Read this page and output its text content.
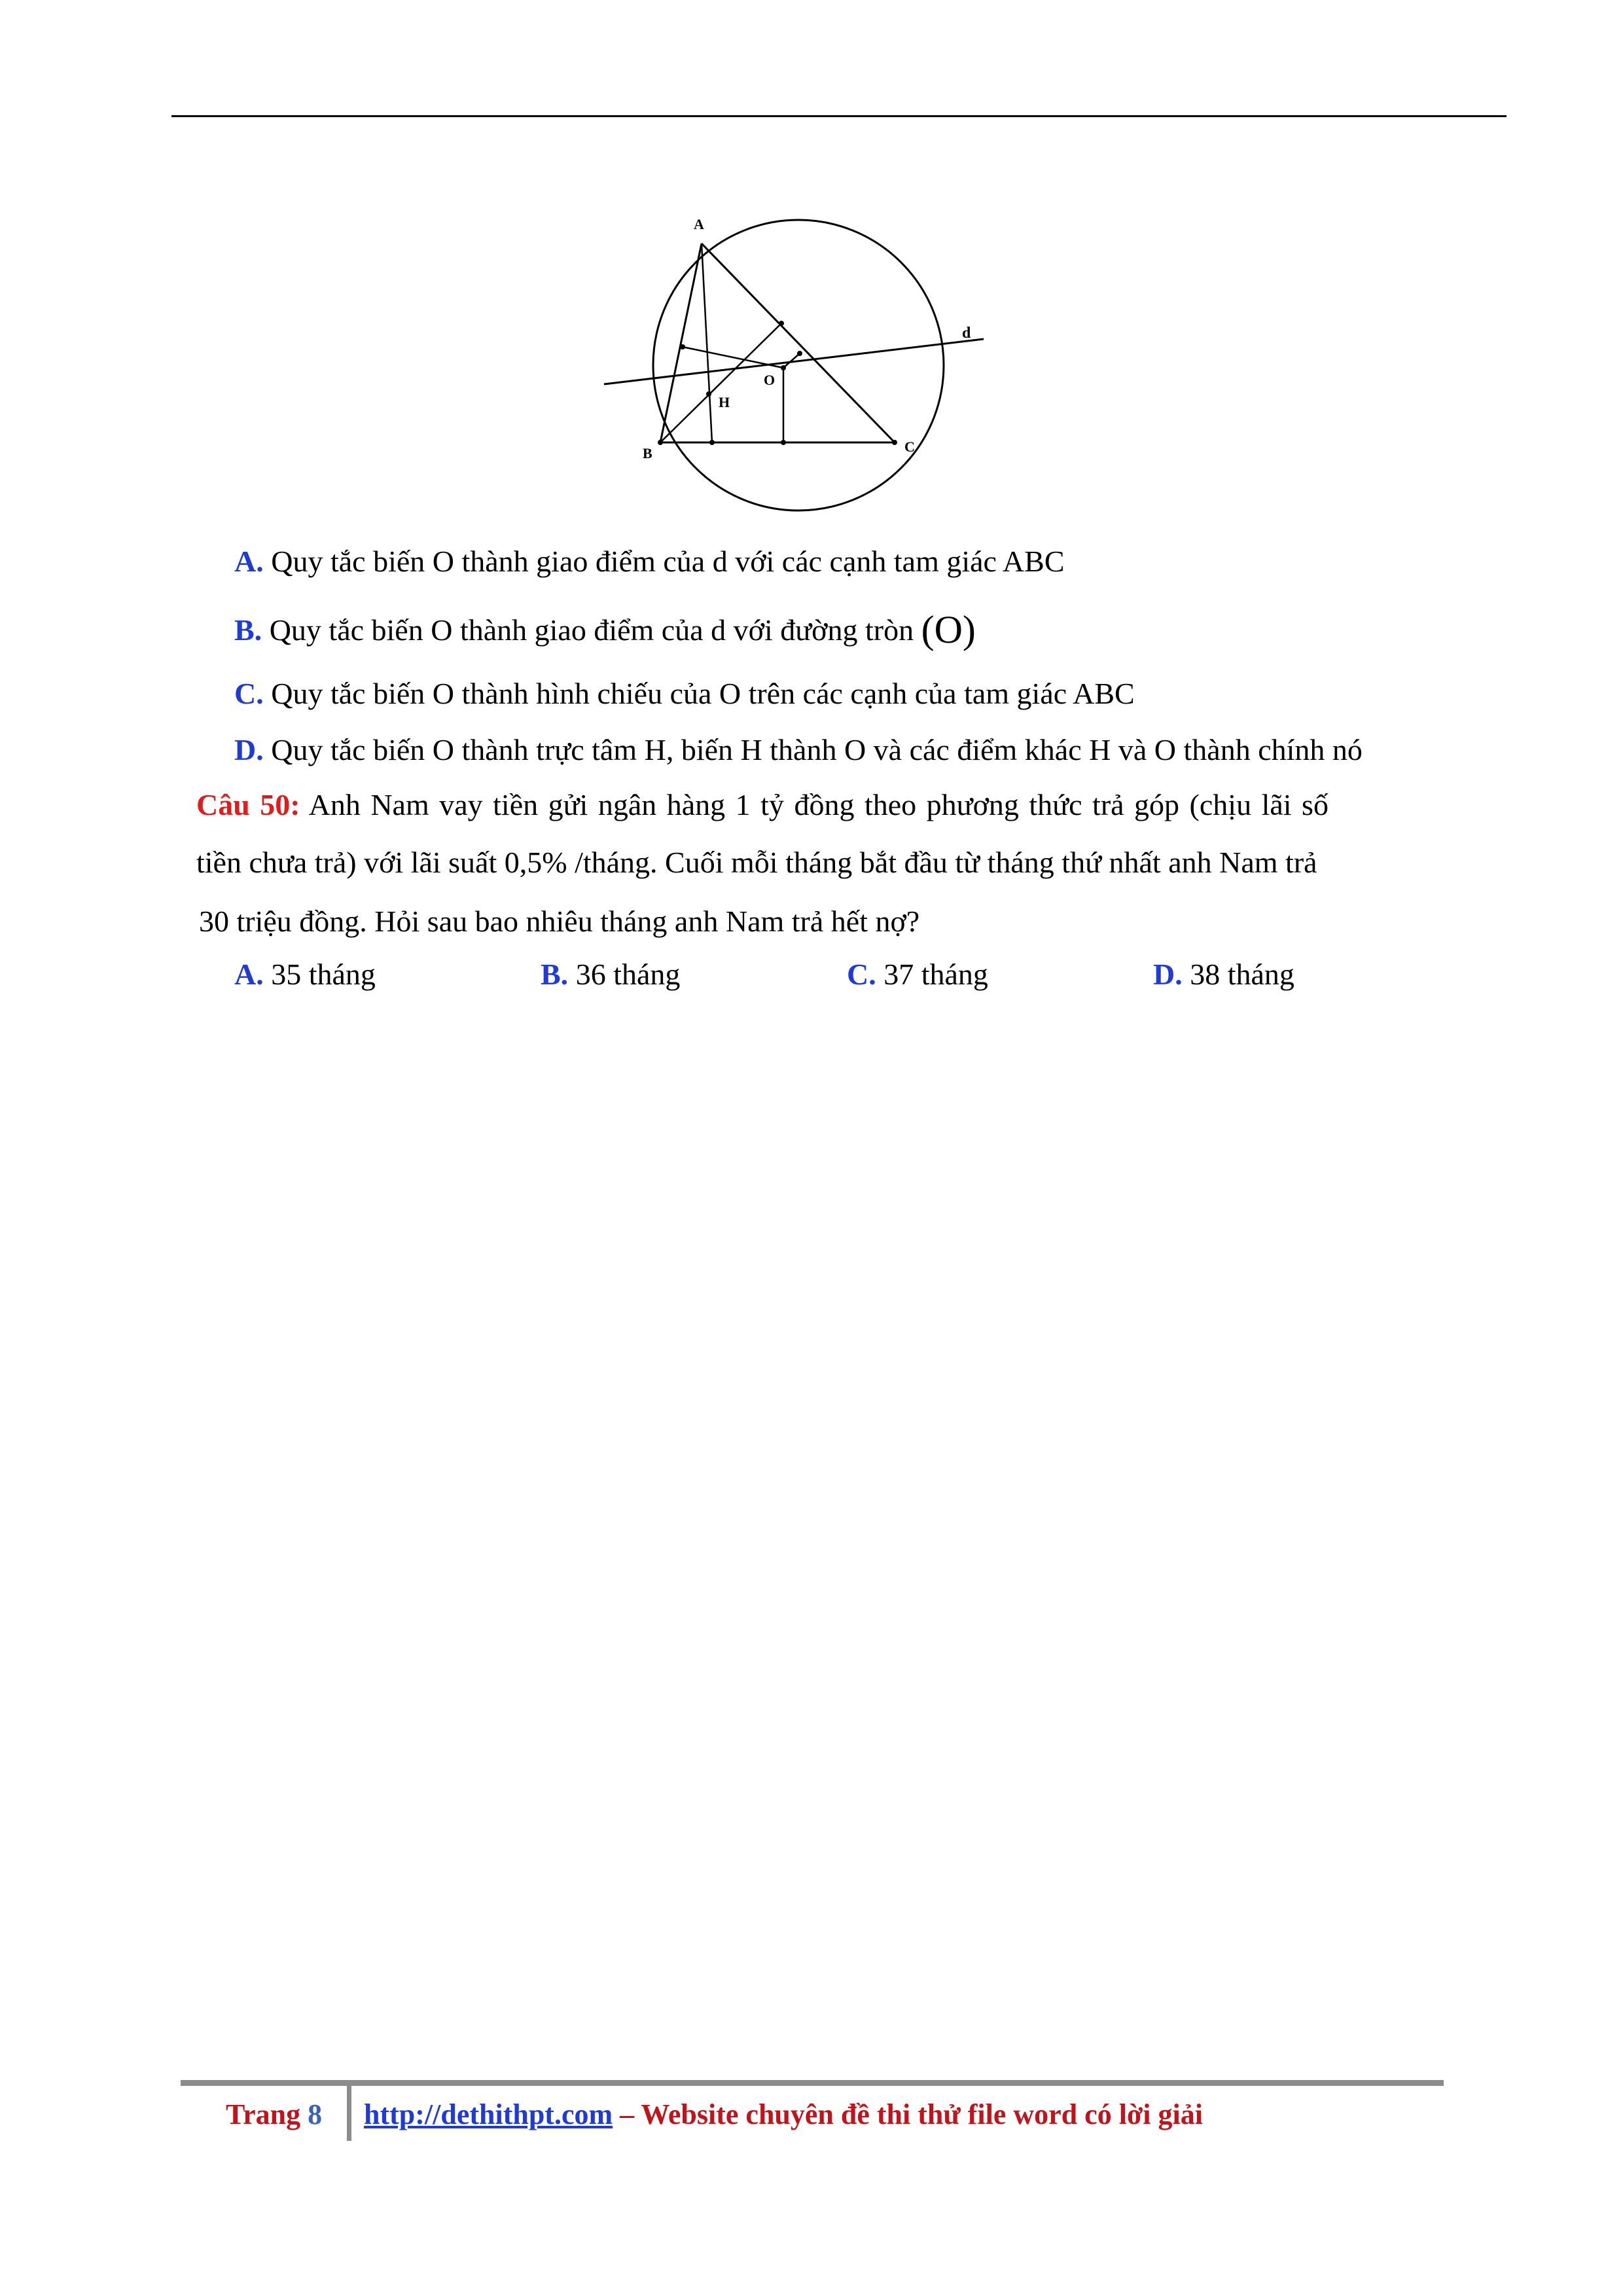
A
B	C
O
H
d
A. Quy tắc biến O thành giao điểm của d với các cạnh tam giác ABC
B. Quy tắc biến O thành giao điểm của d với đường tròn (O)
C. Quy tắc biến O thành hình chiếu của O trên các cạnh của tam giác ABC
D. Quy tắc biến O thành trực tâm H, biến H thành O và các điểm khác H và O thành chính nó
Câu 50: Anh Nam vay tiền gửi ngân hàng 1 tỷ đồng theo phương thức trả góp (chịu lãi số
tiền chưa trả) với lãi suất 0,5% /tháng. Cuối mỗi tháng bắt đầu từ tháng thứ nhất anh Nam trả
30 triệu đồng. Hỏi sau bao nhiêu tháng anh Nam trả hết nợ?
A. 35 tháng	B. 36 tháng	C. 37 tháng	D. 38 tháng
Trang 8 http://dethithpt.com – Website chuyên đề thi thử file word có lời giải
